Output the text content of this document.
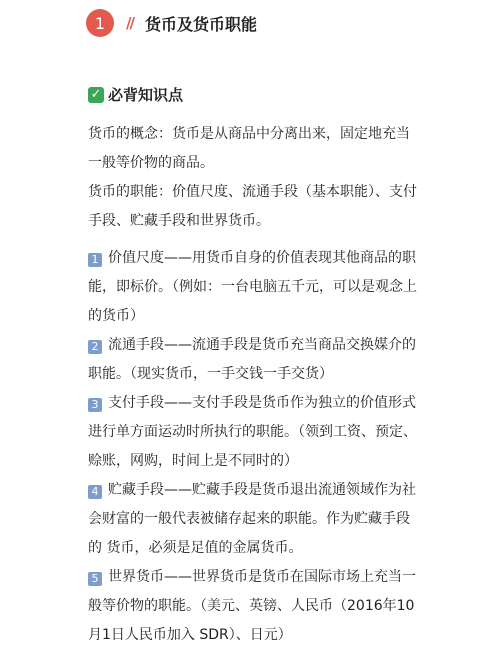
1	// 货币及货币职能
✓ 必背知识点

货币的概念：货币是从商品中分离出来，固定地充当一般等价物的商品。

货币的职能：价值尺度、流通手段（基本职能）、支付手段、贮藏手段和世界货币。

1 价值尺度——用货币自身的价值表现其他商品的职能，即标价。（例如：一台电脑五千元，可以是观念上的货币）

2 流通手段——流通手段是货币充当商品交换媒介的职能。（现实货币，一手交钱一手交货）

3 支付手段——支付手段是货币作为独立的价值形式进行单方面运动时所执行的职能。（领到工资、预定、赊账，网购，时间上是不同时的）

4 贮藏手段——贮藏手段是货币退出流通领域作为社会财富的一般代表被储存起来的职能。作为贮藏手段的 货币，必须是足值的金属货币。

5 世界货币——世界货币是货币在国际市场上充当一般等价物的职能。（美元、英镑、人民币（2016年10月1日人民币加入 SDR）、日元）
